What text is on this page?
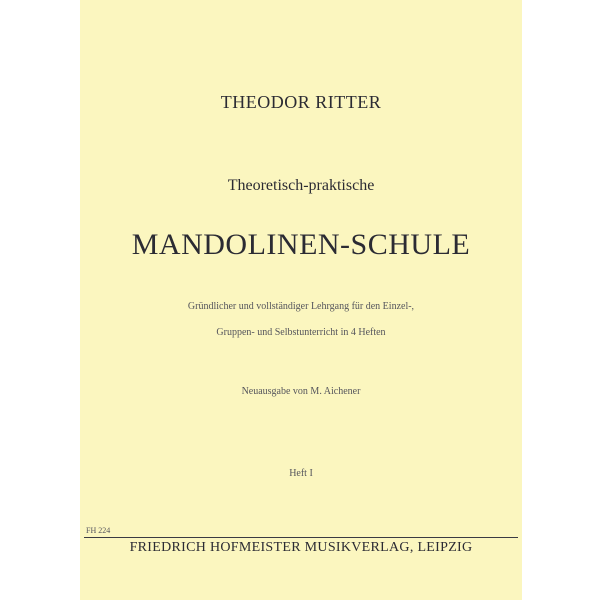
THEODOR RITTER
Theoretisch-praktische
MANDOLINEN-SCHULE
Gründlicher und vollständiger Lehrgang für den Einzel-,
Gruppen- und Selbstunterricht in 4 Heften
Neuausgabe von M. Aichener
Heft I
FH 224
FRIEDRICH HOFMEISTER MUSIKVERLAG, LEIPZIG
